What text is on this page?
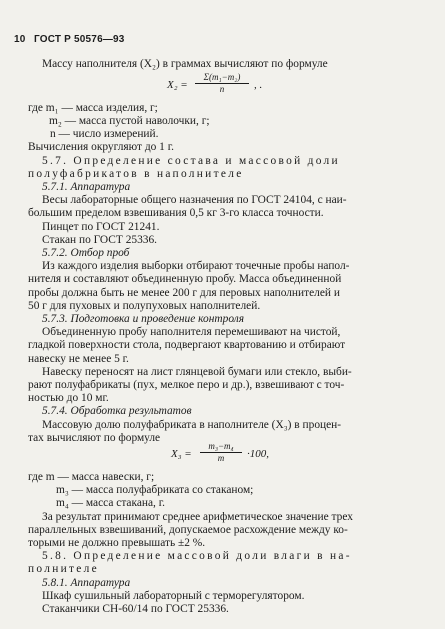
10 ГОСТ Р 50576—93
Массу наполнителя (X₂) в граммах вычисляют по формуле
$X_2 = \frac{\text{Σ(m₁−m₂)}}{n}$ , .
где m₁ — масса изделия, г;
m₂ — масса пустой наволочки, г;
n — число измерений.
Вычисления округляют до 1 г.
5.7. Определение состава и массовой доли
полуфабрикатов в наполнителе
5.7.1. Аппаратура
Весы лабораторные общего назначения по ГОСТ 24104, с наи-
большим пределом взвешивания 0,5 кг 3-го класса точности.
Пинцет по ГОСТ 21241.
Стакан по ГОСТ 25336.
5.7.2. Отбор проб
Из каждого изделия выборки отбирают точечные пробы напол-
нителя и составляют объединенную пробу. Масса объединенной
пробы должна быть не менее 200 г для перовых наполнителей и
50 г для пуховых и полупуховых наполнителей.
5.7.3. Подготовка и проведение контроля
Объединенную пробу наполнителя перемешивают на чистой,
гладкой поверхности стола, подвергают квартованию и отбирают
навеску не менее 5 г.
Навеску переносят на лист глянцевой бумаги или стекло, выби-
рают полуфабрикаты (пух, мелкое перо и др.), взвешивают с точ-
ностью до 10 мг.
5.7.4. Обработка результатов
Массовую долю полуфабриката в наполнителе (X₃) в процен-
тах вычисляют по формуле
$X_3 = \frac{\text{m₃−m₄}}{m} \cdot 100$,
где m — масса навески, г;
m₃ — масса полуфабриката со стаканом;
m₄ — масса стакана, г.
За результат принимают среднее арифметическое значение трех
параллельных взвешиваний, допускаемое расхождение между ко-
торыми не должно превышать ±2 %.
5.8. Определение массовой доли влаги в на-
полнителе
5.8.1. Аппаратура
Шкаф сушильный лабораторный с терморегулятором.
Стаканчики СН-60/14 по ГОСТ 25336.
